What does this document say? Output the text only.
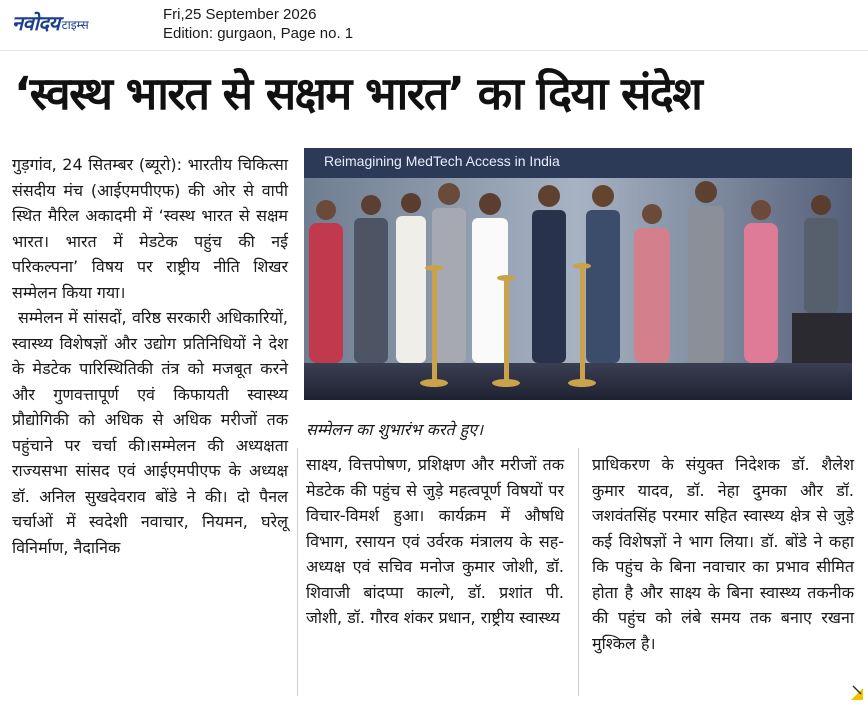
नवोदय टाइम्स
Fri,25 September 2026
Edition: gurgaon, Page no. 1
‘स्वस्थ भारत से सक्षम भारत’ का दिया संदेश

गुड़गांव, 24 सितम्बर (ब्यूरो): भारतीय चिकित्सा संसदीय मंच (आईएमपीएफ) की ओर से वापी स्थित मैरिल अकादमी में ‘स्वस्थ भारत से सक्षम भारत। भारत में मेडटेक पहुंच की नई परिकल्पना’ विषय पर राष्ट्रीय नीति शिखर सम्मेलन किया गया।

सम्मेलन में सांसदों, वरिष्ठ सरकारी अधिकारियों, स्वास्थ्य विशेषज्ञों और उद्योग प्रतिनिधियों ने देश के मेडटेक पारिस्थितिकी तंत्र को मजबूत करने और गुणवत्तापूर्ण एवं किफायती स्वास्थ्य प्रौद्योगिकी को अधिक से अधिक मरीजों तक पहुंचाने पर चर्चा की।सम्मेलन की अध्यक्षता राज्यसभा सांसद एवं आईएमपीएफ के अध्यक्ष डॉ. अनिल सुखदेवराव बोंडे ने की। दो पैनल चर्चाओं में स्वदेशी नवाचार, नियमन, घरेलू विनिर्माण, नैदानिक

Reimagining MedTech Access in India
सम्मेलन का शुभारंभ करते हुए।
साक्ष्य, वित्तपोषण, प्रशिक्षण और मरीजों तक मेडटेक की पहुंच से जुड़े महत्वपूर्ण विषयों पर विचार-विमर्श हुआ। कार्यक्रम में औषधि विभाग, रसायन एवं उर्वरक मंत्रालय के सह-अध्यक्ष एवं सचिव मनोज कुमार जोशी, डॉ. शिवाजी बांदप्पा काल्गे, डॉ. प्रशांत पी. जोशी, डॉ. गौरव शंकर प्रधान, राष्ट्रीय स्वास्थ्य
प्राधिकरण के संयुक्त निदेशक डॉ. शैलेश कुमार यादव, डॉ. नेहा दुमका और डॉ. जशवंतसिंह परमार सहित स्वास्थ्य क्षेत्र से जुड़े कई विशेषज्ञों ने भाग लिया। डॉ. बोंडे ने कहा कि पहुंच के बिना नवाचार का प्रभाव सीमित होता है और साक्ष्य के बिना स्वास्थ्य तकनीक की पहुंच को लंबे समय तक बनाए रखना मुश्किल है।
